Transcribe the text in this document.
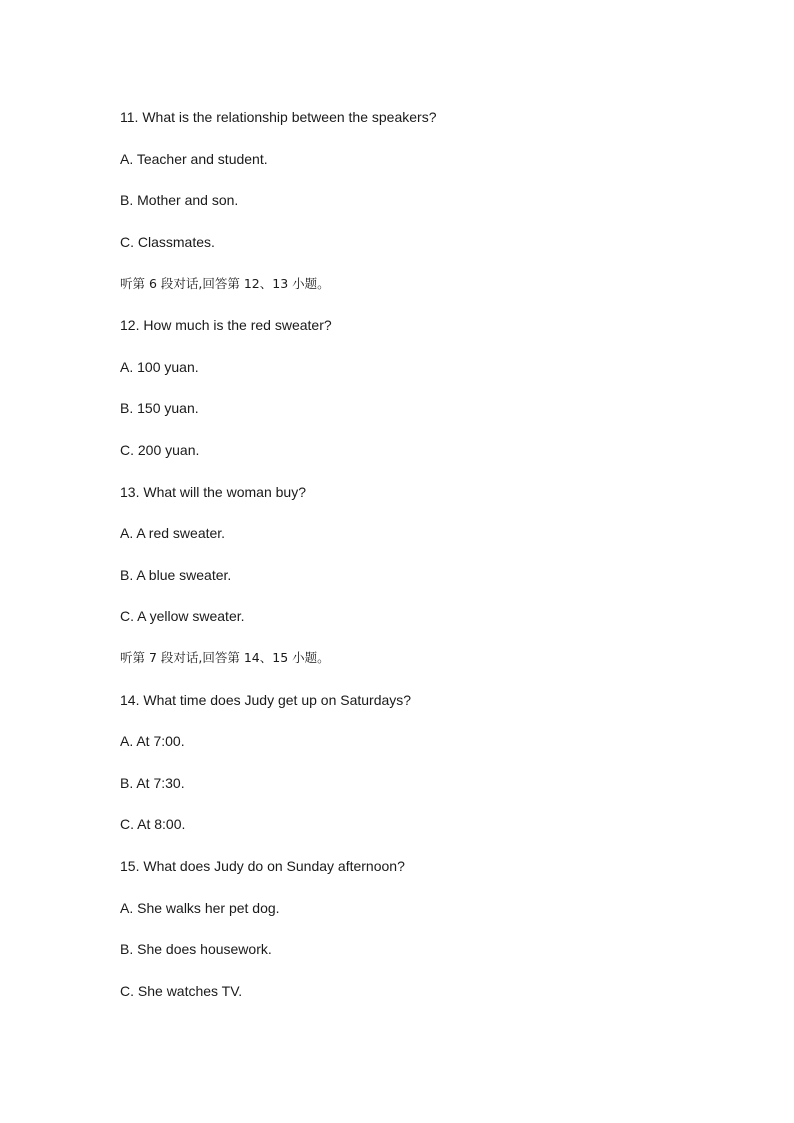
11. What is the relationship between the speakers?
A. Teacher and student.
B. Mother and son.
C. Classmates.
听第 6 段对话,回答第 12、13 小题。
12. How much is the red sweater?
A. 100 yuan.
B. 150 yuan.
C. 200 yuan.
13. What will the woman buy?
A. A red sweater.
B. A blue sweater.
C. A yellow sweater.
听第 7 段对话,回答第 14、15 小题。
14. What time does Judy get up on Saturdays?
A. At 7:00.
B. At 7:30.
C. At 8:00.
15. What does Judy do on Sunday afternoon?
A. She walks her pet dog.
B. She does housework.
C. She watches TV.
